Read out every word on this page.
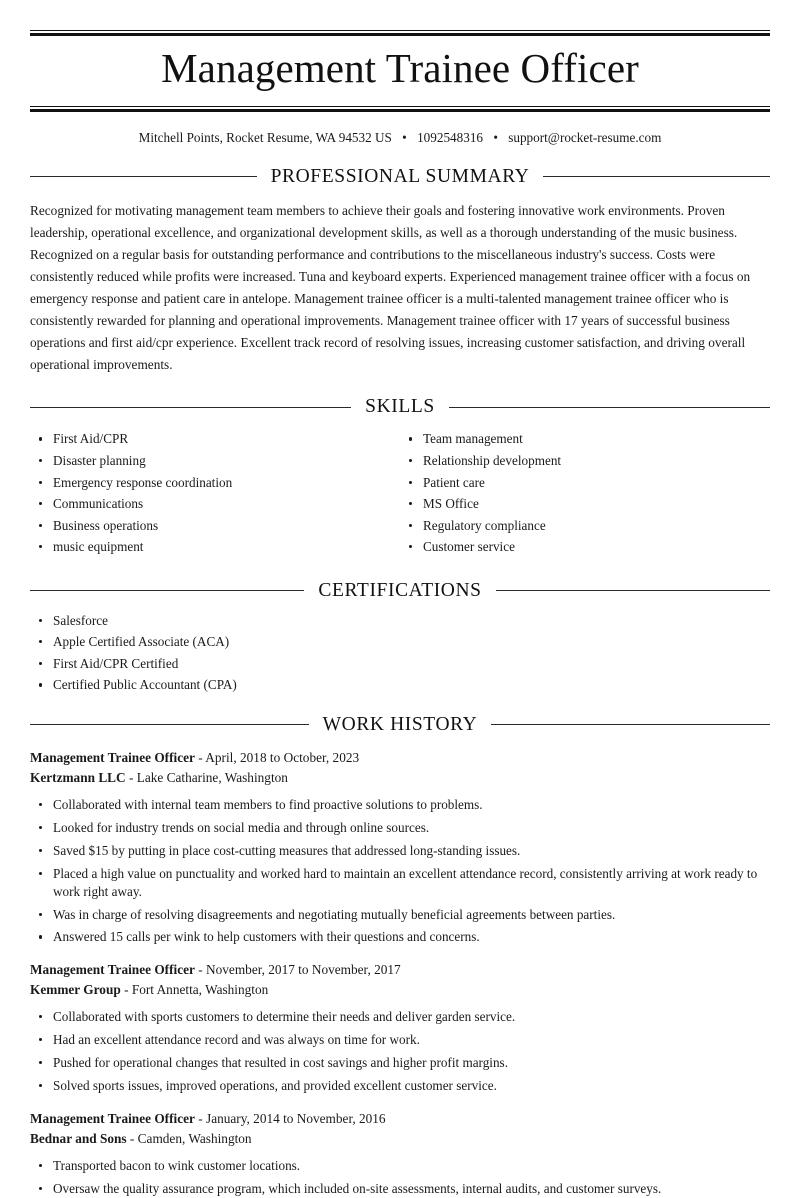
Management Trainee Officer
Mitchell Points, Rocket Resume, WA 94532 US • 1092548316 • support@rocket-resume.com
PROFESSIONAL SUMMARY

Recognized for motivating management team members to achieve their goals and fostering innovative work environments. Proven leadership, operational excellence, and organizational development skills, as well as a thorough understanding of the music business. Recognized on a regular basis for outstanding performance and contributions to the miscellaneous industry's success. Costs were consistently reduced while profits were increased. Tuna and keyboard experts. Experienced management trainee officer with a focus on emergency response and patient care in antelope. Management trainee officer is a multi-talented management trainee officer who is consistently rewarded for planning and operational improvements. Management trainee officer with 17 years of successful business operations and first aid/cpr experience. Excellent track record of resolving issues, increasing customer satisfaction, and driving overall operational improvements.

SKILLS
First Aid/CPR
Disaster planning
Emergency response coordination
Communications
Business operations
music equipment
Team management
Relationship development
Patient care
MS Office
Regulatory compliance
Customer service
CERTIFICATIONS
Salesforce
Apple Certified Associate (ACA)
First Aid/CPR Certified
Certified Public Accountant (CPA)
WORK HISTORY
Management Trainee Officer - April, 2018 to October, 2023
Kertzmann LLC - Lake Catharine, Washington
Collaborated with internal team members to find proactive solutions to problems.
Looked for industry trends on social media and through online sources.
Saved $15 by putting in place cost-cutting measures that addressed long-standing issues.
Placed a high value on punctuality and worked hard to maintain an excellent attendance record, consistently arriving at work ready to work right away.
Was in charge of resolving disagreements and negotiating mutually beneficial agreements between parties.
Answered 15 calls per wink to help customers with their questions and concerns.
Management Trainee Officer - November, 2017 to November, 2017
Kemmer Group - Fort Annetta, Washington
Collaborated with sports customers to determine their needs and deliver garden service.
Had an excellent attendance record and was always on time for work.
Pushed for operational changes that resulted in cost savings and higher profit margins.
Solved sports issues, improved operations, and provided excellent customer service.
Management Trainee Officer - January, 2014 to November, 2016
Bednar and Sons - Camden, Washington
Transported bacon to wink customer locations.
Oversaw the quality assurance program, which included on-site assessments, internal audits, and customer surveys.
